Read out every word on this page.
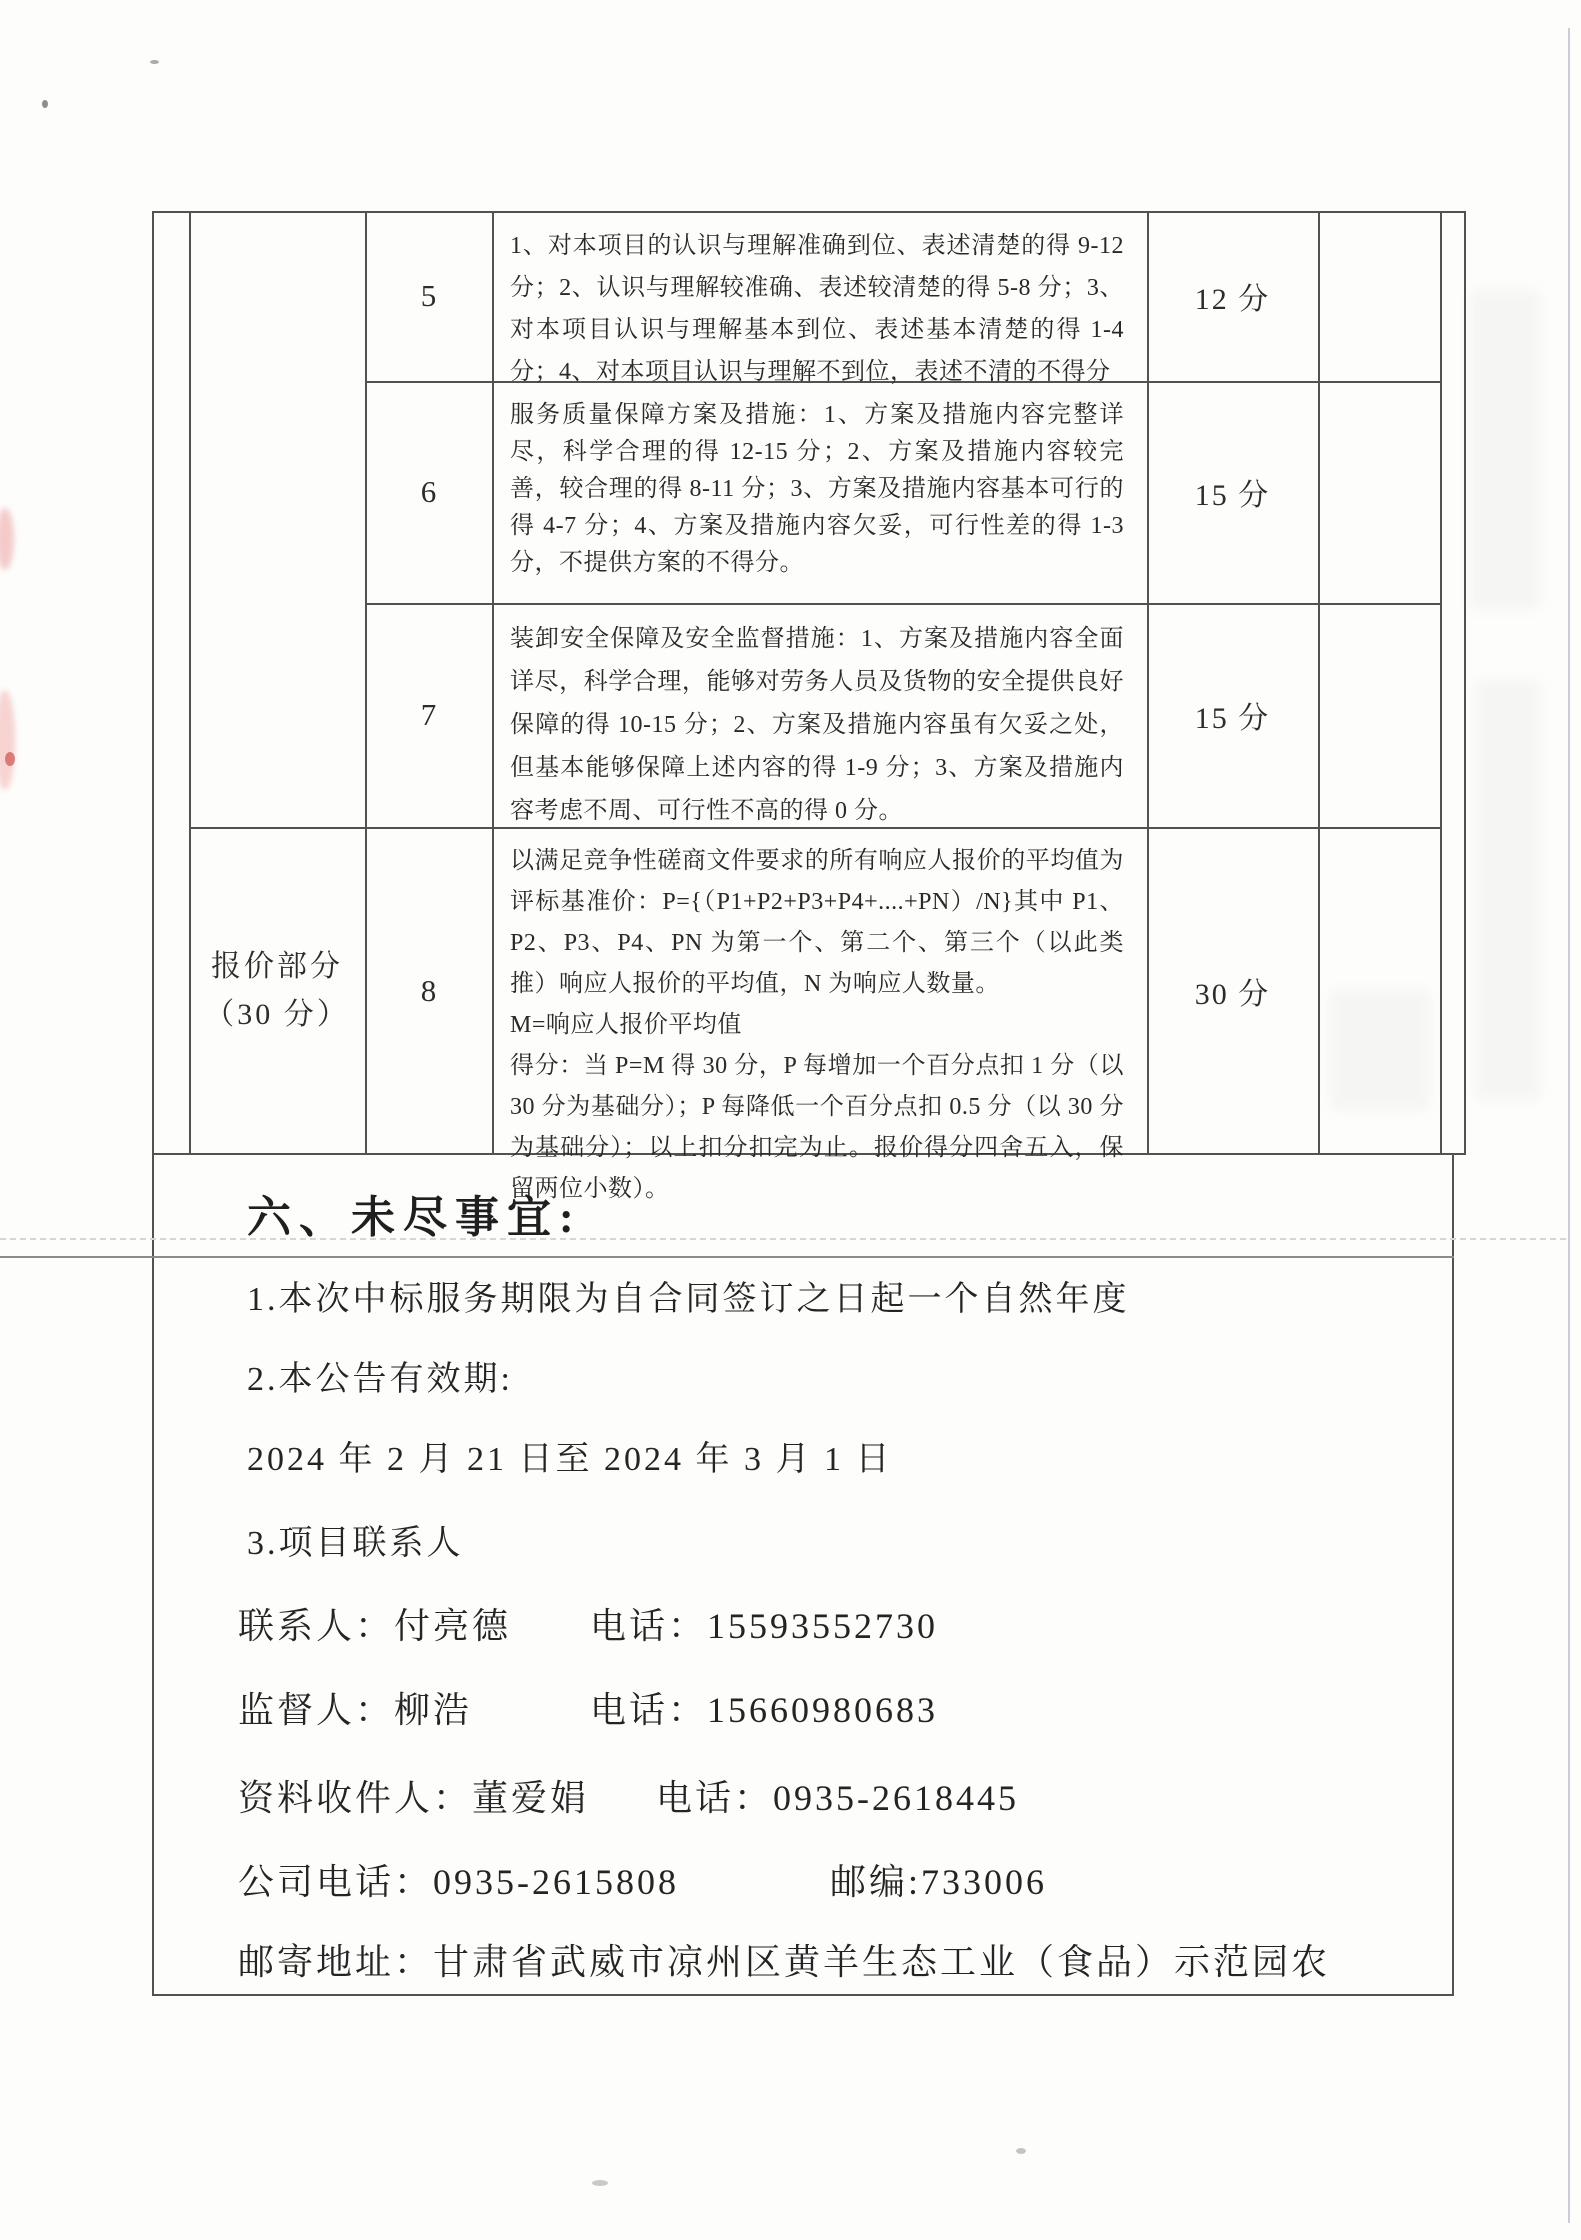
5
1、对本项目的认识与理解准确到位、表述清楚的得 9-12 分；2、认识与理解较准确、表述较清楚的得 5-8 分；3、对本项目认识与理解基本到位、表述基本清楚的得 1-4 分；4、对本项目认识与理解不到位，表述不清的不得分
12 分
6
服务质量保障方案及措施：1、方案及措施内容完整详尽，科学合理的得 12-15 分；2、方案及措施内容较完善，较合理的得 8-11 分；3、方案及措施内容基本可行的得 4-7 分；4、方案及措施内容欠妥，可行性差的得 1-3 分，不提供方案的不得分。
15 分
7
装卸安全保障及安全监督措施：1、方案及措施内容全面详尽，科学合理，能够对劳务人员及货物的安全提供良好保障的得 10-15 分；2、方案及措施内容虽有欠妥之处，但基本能够保障上述内容的得 1-9 分；3、方案及措施内容考虑不周、可行性不高的得 0 分。
15 分
报价部分
（30 分）
8
以满足竞争性磋商文件要求的所有响应人报价的平均值为评标基准价：P={（P1+P2+P3+P4+....+PN）/N}其中 P1、P2、P3、P4、PN 为第一个、第二个、第三个（以此类推）响应人报价的平均值，N 为响应人数量。
M=响应人报价平均值
得分：当 P=M 得 30 分，P 每增加一个百分点扣 1 分（以 30 分为基础分）；P 每降低一个百分点扣 0.5 分（以 30 分为基础分）；以上扣分扣完为止。报价得分四舍五入，保留两位小数）。
30 分
六、未尽事宜:
1.本次中标服务期限为自合同签订之日起一个自然年度
2.本公告有效期:
2024 年 2 月 21 日至 2024 年 3 月 1 日
3.项目联系人
联系人：付亮德 电话：15593552730
监督人：柳浩	电话：15660980683
资料收件人：董爱娟 电话：0935-2618445
公司电话：0935-2615808	邮编:733006
邮寄地址：甘肃省武威市凉州区黄羊生态工业（食品）示范园农
